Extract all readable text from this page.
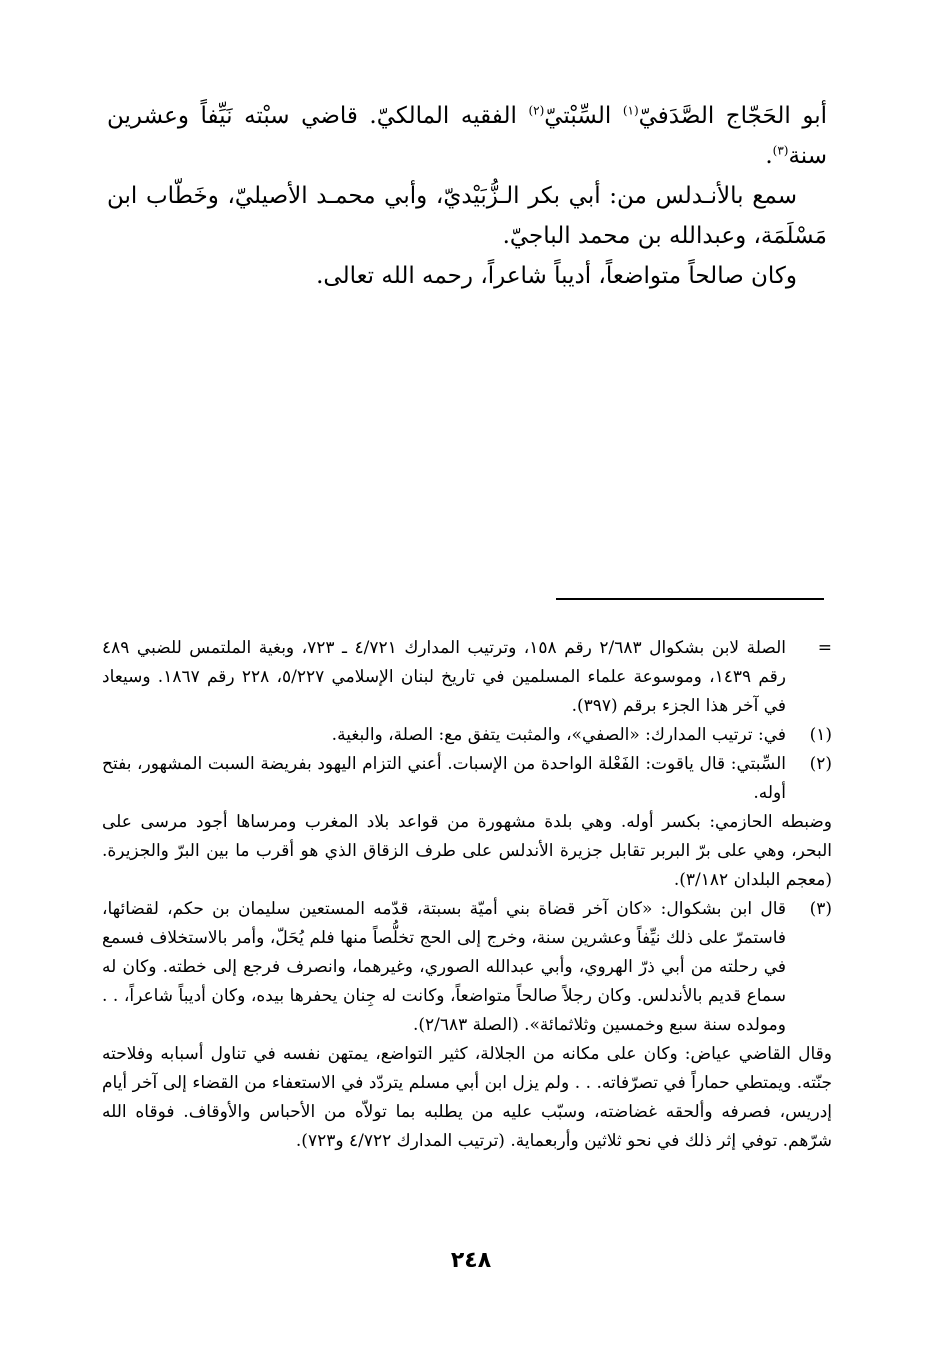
أبو الحَجّاج الصَّدَفيّ$^{(١)}$ السِّبْتيّ$^{(٢)}$ الفقيه المالكيّ. قاضي سبْته نَيِّفاً وعشرين سنة$^{(٣)}$.

سمع بالأنـدلس من: أبي بكر الـزُّبَيْديّ، وأبي محمـد الأصيليّ، وخَطّاب ابن مَسْلَمَة، وعبدالله بن محمد الباجيّ.

وكان صالحاً متواضعاً، أديباً شاعراً، رحمه الله تعالى.

=

الصلة لابن بشكوال ٢/٦٨٣ رقم ١٥٨، وترتيب المدارك ٤/٧٢١ ـ ٧٢٣، وبغية الملتمس للضبي ٤٨٩ رقم ١٤٣٩، وموسوعة علماء المسلمين في تاريخ لبنان الإسلامي ٥/٢٢٧، ٢٢٨ رقم ١٨٦٧. وسيعاد في آخر هذا الجزء برقم (٣٩٧).

(١)

في: ترتيب المدارك: «الصفي»، والمثبت يتفق مع: الصلة، والبغية.

(٢)

السِّبتي: قال ياقوت: الفَعْلة الواحدة من الإسبات. أعني التزام اليهود بفريضة السبت المشهور، بفتح أوله.

وضبطه الحازمي: بكسر أوله. وهي بلدة مشهورة من قواعد بلاد المغرب ومرساها أجود مرسى على البحر، وهي على برّ البربر تقابل جزيرة الأندلس على طرف الزقاق الذي هو أقرب ما بين البرّ والجزيرة. (معجم البلدان ٣/١٨٢).

(٣)

قال ابن بشكوال: «كان آخر قضاة بني أميّة بسبتة، قدّمه المستعين سليمان بن حكم، لقضائها، فاستمرّ على ذلك نيِّفاً وعشرين سنة، وخرج إلى الحج تخلُّصاً منها فلم يُحَلّ، وأمر بالاستخلاف فسمع في رحلته من أبي ذرّ الهروي، وأبي عبدالله الصوري، وغيرهما، وانصرف فرجع إلى خطته. وكان له سماع قديم بالأندلس. وكان رجلاً صالحاً متواضعاً، وكانت له جِنان يحفرها بيده، وكان أديباً شاعراً، . . ومولده سنة سبع وخمسين وثلاثمائة». (الصلة ٢/٦٨٣).

وقال القاضي عياض: وكان على مكانه من الجلالة، كثير التواضع، يمتهن نفسه في تناول أسبابه وفلاحته جنّته. ويمتطي حماراً في تصرّفاته. . . ولم يزل ابن أبي مسلم يتردّد في الاستعفاء من القضاء إلى آخر أيام إدريس، فصرفه وألحقه غضاضته، وسبّب عليه من يطلبه بما تولاّه من الأحباس والأوقاف. فوقاه الله شرّهم. توفي إثر ذلك في نحو ثلاثين وأربعماية. (ترتيب المدارك ٤/٧٢٢ و٧٢٣).

٢٤٨
